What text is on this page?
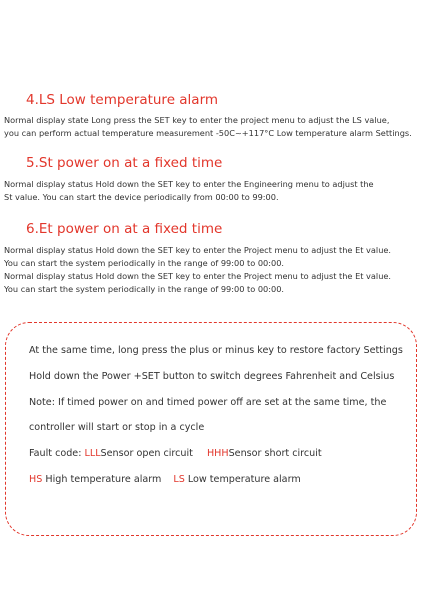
4.LS Low temperature alarm

Normal display state Long press the SET key to enter the project menu to adjust the LS value,
you can perform actual temperature measurement -50C~+117°C Low temperature alarm Settings.

5.St power on at a fixed time

Normal display status Hold down the SET key to enter the Engineering menu to adjust the
St value. You can start the device periodically from 00:00 to 99:00.

6.Et power on at a fixed time

Normal display status Hold down the SET key to enter the Project menu to adjust the Et value.
You can start the system periodically in the range of 99:00 to 00:00.
Normal display status Hold down the SET key to enter the Project menu to adjust the Et value.
You can start the system periodically in the range of 99:00 to 00:00.

At the same time, long press the plus or minus key to restore factory Settings

Hold down the Power +SET button to switch degrees Fahrenheit and Celsius

Note: If timed power on and timed power off are set at the same time, the

controller will start or stop in a cycle

Fault code: LLLSensor open circuit HHHSensor short circuit

HS High temperature alarm LS Low temperature alarm
